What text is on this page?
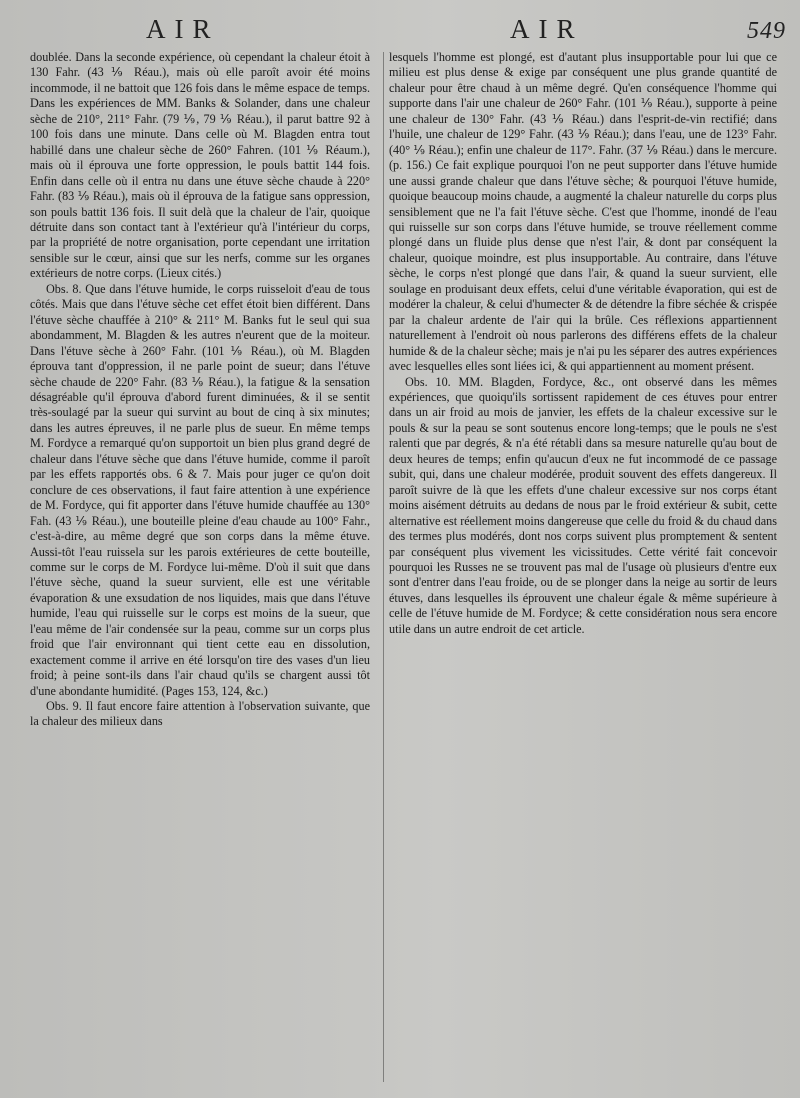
AIR	AIR	549

doublée. Dans la seconde expérience, où cependant la chaleur étoit à 130 Fahr. (43 ⅑ Réau.), mais où elle paroît avoir été moins incommode, il ne battoit que 126 fois dans le même espace de temps. Dans les expériences de MM. Banks & Solander, dans une chaleur sèche de 210°, 211° Fahr. (79 ⅑, 79 ⅑ Réau.), il parut battre 92 à 100 fois dans une minute. Dans celle où M. Blagden entra tout habillé dans une chaleur sèche de 260° Fahren. (101 ⅑ Réaum.), mais où il éprouva une forte oppression, le pouls battit 144 fois. Enfin dans celle où il entra nu dans une étuve sèche chaude à 220° Fahr. (83 ⅑ Réau.), mais où il éprouva de la fatigue sans oppression, son pouls battit 136 fois. Il suit delà que la chaleur de l'air, quoique détruite dans son contact tant à l'extérieur qu'à l'intérieur du corps, par la propriété de notre organisation, porte cependant une irritation sensible sur le cœur, ainsi que sur les nerfs, comme sur les organes extérieurs de notre corps. (Lieux cités.)

Obs. 8. Que dans l'étuve humide, le corps ruisseloit d'eau de tous côtés. Mais que dans l'étuve sèche cet effet étoit bien différent. Dans l'étuve sèche chauffée à 210° & 211° M. Banks fut le seul qui sua abondamment, M. Blagden & les autres n'eurent que de la moiteur. Dans l'étuve sèche à 260° Fahr. (101 ⅑ Réau.), où M. Blagden éprouva tant d'oppression, il ne parle point de sueur; dans l'étuve sèche chaude de 220° Fahr. (83 ⅑ Réau.), la fatigue & la sensation désagréable qu'il éprouva d'abord furent diminuées, & il se sentit très-soulagé par la sueur qui survint au bout de cinq à six minutes; dans les autres épreuves, il ne parle plus de sueur. En même temps M. Fordyce a remarqué qu'on supportoit un bien plus grand degré de chaleur dans l'étuve sèche que dans l'étuve humide, comme il paroît par les effets rapportés obs. 6 & 7. Mais pour juger ce qu'on doit conclure de ces observations, il faut faire attention à une expérience de M. Fordyce, qui fit apporter dans l'étuve humide chauffée au 130° Fah. (43 ⅑ Réau.), une bouteille pleine d'eau chaude au 100° Fahr., c'est-à-dire, au même degré que son corps dans la même étuve. Aussi-tôt l'eau ruissela sur les parois extérieures de cette bouteille, comme sur le corps de M. Fordyce lui-même. D'où il suit que dans l'étuve sèche, quand la sueur survient, elle est une véritable évaporation & une exsudation de nos liquides, mais que dans l'étuve humide, l'eau qui ruisselle sur le corps est moins de la sueur, que l'eau même de l'air condensée sur la peau, comme sur un corps plus froid que l'air environnant qui tient cette eau en dissolution, exactement comme il arrive en été lorsqu'on tire des vases d'un lieu froid; à peine sont-ils dans l'air chaud qu'ils se chargent aussi tôt d'une abondante humidité. (Pages 153, 124, &c.)

Obs. 9. Il faut encore faire attention à l'observation suivante, que la chaleur des milieux dans

lesquels l'homme est plongé, est d'autant plus insupportable pour lui que ce milieu est plus dense & exige par conséquent une plus grande quantité de chaleur pour être chaud à un même degré. Qu'en conséquence l'homme qui supporte dans l'air une chaleur de 260° Fahr. (101 ⅑ Réau.), supporte à peine une chaleur de 130° Fahr. (43 ⅑ Réau.) dans l'esprit-de-vin rectifié; dans l'huile, une chaleur de 129° Fahr. (43 ⅑ Réau.); dans l'eau, une de 123° Fahr. (40° ⅑ Réau.); enfin une chaleur de 117°. Fahr. (37 ⅑ Réau.) dans le mercure. (p. 156.) Ce fait explique pourquoi l'on ne peut supporter dans l'étuve humide une aussi grande chaleur que dans l'étuve sèche; & pourquoi l'étuve humide, quoique beaucoup moins chaude, a augmenté la chaleur naturelle du corps plus sensiblement que ne l'a fait l'étuve sèche. C'est que l'homme, inondé de l'eau qui ruisselle sur son corps dans l'étuve humide, se trouve réellement comme plongé dans un fluide plus dense que n'est l'air, & dont par conséquent la chaleur, quoique moindre, est plus insupportable. Au contraire, dans l'étuve sèche, le corps n'est plongé que dans l'air, & quand la sueur survient, elle soulage en produisant deux effets, celui d'une véritable évaporation, qui est de modérer la chaleur, & celui d'humecter & de détendre la fibre séchée & crispée par la chaleur ardente de l'air qui la brûle. Ces réflexions appartiennent naturellement à l'endroit où nous parlerons des différens effets de la chaleur humide & de la chaleur sèche; mais je n'ai pu les séparer des autres expériences avec lesquelles elles sont liées ici, & qui appartiennent au moment présent.

Obs. 10. MM. Blagden, Fordyce, &c., ont observé dans les mêmes expériences, que quoiqu'ils sortissent rapidement de ces étuves pour entrer dans un air froid au mois de janvier, les effets de la chaleur excessive sur le pouls & sur la peau se sont soutenus encore long-temps; que le pouls ne s'est ralenti que par degrés, & n'a été rétabli dans sa mesure naturelle qu'au bout de deux heures de temps; enfin qu'aucun d'eux ne fut incommodé de ce passage subit, qui, dans une chaleur modérée, produit souvent des effets dangereux. Il paroît suivre de là que les effets d'une chaleur excessive sur nos corps étant moins aisément détruits au dedans de nous par le froid extérieur & subit, cette alternative est réellement moins dangereuse que celle du froid & du chaud dans des termes plus modérés, dont nos corps suivent plus promptement & sentent par conséquent plus vivement les vicissitudes. Cette vérité fait concevoir pourquoi les Russes ne se trouvent pas mal de l'usage où plusieurs d'entre eux sont d'entrer dans l'eau froide, ou de se plonger dans la neige au sortir de leurs étuves, dans lesquelles ils éprouvent une chaleur égale & même supérieure à celle de l'étuve humide de M. Fordyce; & cette considération nous sera encore utile dans un autre endroit de cet article.
